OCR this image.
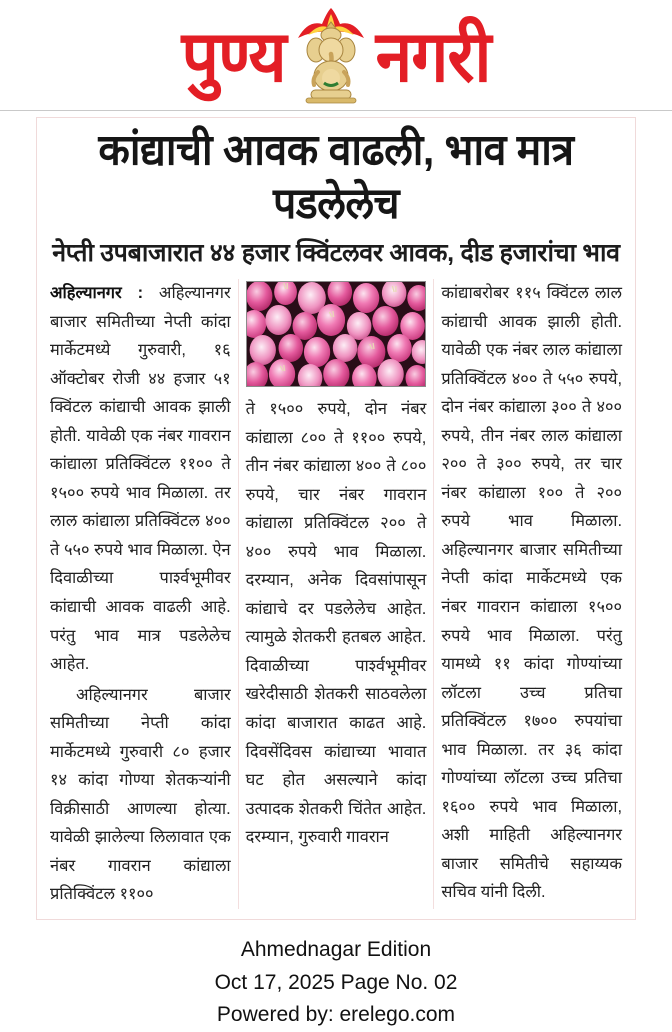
पुण्य नगरी
कांद्याची आवक वाढली, भाव मात्र पडलेलेच
नेप्ती उपबाजारात ४४ हजार क्विंटलवर आवक, दीड हजारांचा भाव

अहिल्यानगर : अहिल्यानगर बाजार समितीच्या नेप्ती कांदा मार्केटमध्ये गुरुवारी, १६ ऑक्टोबर रोजी ४४ हजार ५१ क्विंटल कांद्याची आवक झाली होती. यावेळी एक नंबर गावरान कांद्याला प्रतिक्विंटल ११०० ते १५०० रुपये भाव मिळाला. तर लाल कांद्याला प्रतिक्विंटल ४०० ते ५५० रुपये भाव मिळाला. ऐन दिवाळीच्या पार्श्वभूमीवर कांद्याची आवक वाढली आहे. परंतु भाव मात्र पडलेलेच आहेत.

अहिल्यानगर बाजार समितीच्या नेप्ती कांदा मार्केटमध्ये गुरुवारी ८० हजार १४ कांदा गोण्या शेतकऱ्यांनी विक्रीसाठी आणल्या होत्या. यावेळी झालेल्या लिलावात एक नंबर गावरान कांद्याला प्रतिक्विंटल ११००

ते १५०० रुपये, दोन नंबर कांद्याला ८०० ते ११०० रुपये, तीन नंबर कांद्याला ४०० ते ८०० रुपये, चार नंबर गावरान कांद्याला प्रतिक्विंटल २०० ते ४०० रुपये भाव मिळाला. दरम्यान, अनेक दिवसांपासून कांद्याचे दर पडलेलेच आहेत. त्यामुळे शेतकरी हतबल आहेत. दिवाळीच्या पार्श्वभूमीवर खरेदीसाठी शेतकरी साठवलेला कांदा बाजारात काढत आहे. दिवसेंदिवस कांद्याच्या भावात घट होत असल्याने कांदा उत्पादक शेतकरी चिंतेत आहेत. दरम्यान, गुरुवारी गावरान

कांद्याबरोबर ११५ क्विंटल लाल कांद्याची आवक झाली होती. यावेळी एक नंबर लाल कांद्याला प्रतिक्विंटल ४०० ते ५५० रुपये, दोन नंबर कांद्याला ३०० ते ४०० रुपये, तीन नंबर लाल कांद्याला २०० ते ३०० रुपये, तर चार नंबर कांद्याला १०० ते २०० रुपये भाव मिळाला. अहिल्यानगर बाजार समितीच्या नेप्ती कांदा मार्केटमध्ये एक नंबर गावरान कांद्याला १५०० रुपये भाव मिळाला. परंतु यामध्ये ११ कांदा गोण्यांच्या लॉटला उच्च प्रतिचा प्रतिक्विंटल १७०० रुपयांचा भाव मिळाला. तर ३६ कांदा गोण्यांच्या लॉटला उच्च प्रतिचा १६०० रुपये भाव मिळाला, अशी माहिती अहिल्यानगर बाजार समितीचे सहाय्यक सचिव यांनी दिली.

Ahmednagar Edition
Oct 17, 2025 Page No. 02
Powered by: erelego.com
